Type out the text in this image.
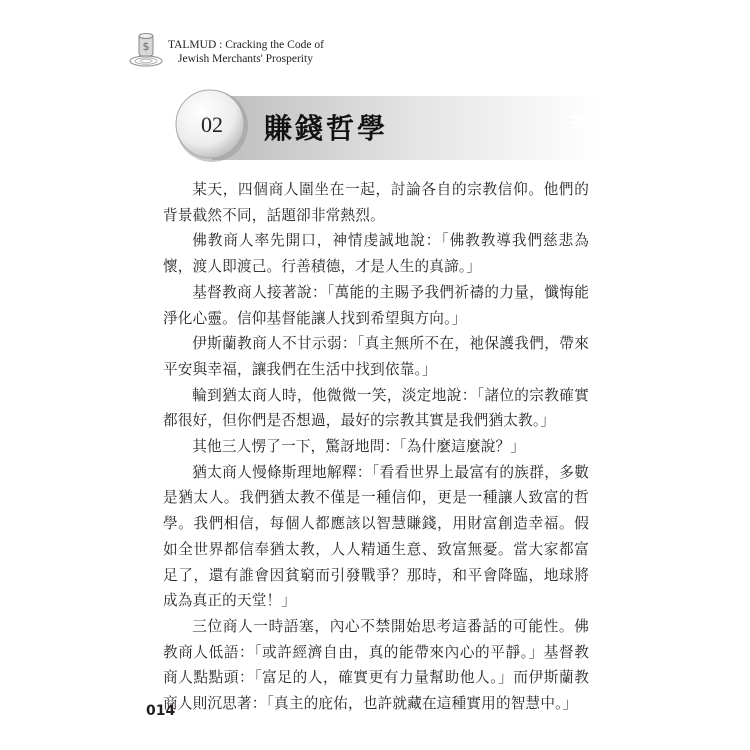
$ TALMUD : Cracking the Code of
Jewish Merchants' Prosperity
02	賺錢哲學	$

某天，四個商人圍坐在一起，討論各自的宗教信仰。他們的背景截然不同，話題卻非常熱烈。

佛教商人率先開口，神情虔誠地說：「佛教教導我們慈悲為懷，渡人即渡己。行善積德，才是人生的真諦。」

基督教商人接著說：「萬能的主賜予我們祈禱的力量，懺悔能淨化心靈。信仰基督能讓人找到希望與方向。」

伊斯蘭教商人不甘示弱：「真主無所不在，祂保護我們，帶來平安與幸福，讓我們在生活中找到依靠。」

輪到猶太商人時，他微微一笑，淡定地說：「諸位的宗教確實都很好，但你們是否想過，最好的宗教其實是我們猶太教。」

其他三人愣了一下，驚訝地問：「為什麼這麼說？」

猶太商人慢條斯理地解釋：「看看世界上最富有的族群，多數是猶太人。我們猶太教不僅是一種信仰，更是一種讓人致富的哲學。我們相信，每個人都應該以智慧賺錢，用財富創造幸福。假如全世界都信奉猶太教，人人精通生意、致富無憂。當大家都富足了，還有誰會因貧窮而引發戰爭？那時，和平會降臨，地球將成為真正的天堂！」

三位商人一時語塞，內心不禁開始思考這番話的可能性。佛教商人低語：「或許經濟自由，真的能帶來內心的平靜。」基督教商人點點頭：「富足的人，確實更有力量幫助他人。」而伊斯蘭教商人則沉思著：「真主的庇佑，也許就藏在這種實用的智慧中。」

014
